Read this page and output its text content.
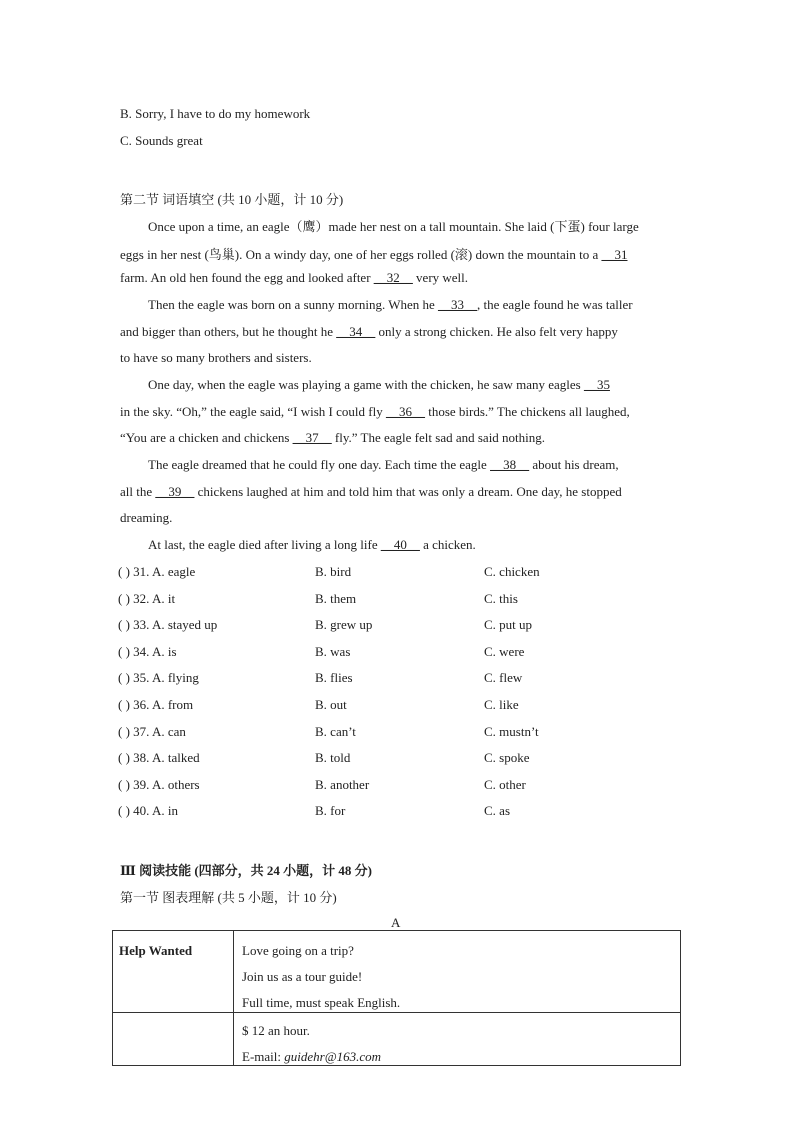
B. Sorry, I have to do my homework
C. Sounds great
第二节 词语填空 (共 10 小题，计 10 分)
Once upon a time, an eagle（鹰）made her nest on a tall mountain. She laid (下蛋) four large
eggs in her nest (鸟巢). On a windy day, one of her eggs rolled (滚) down the mountain to a __31
farm. An old hen found the egg and looked after __32__ very well.
Then the eagle was born on a sunny morning. When he __33__, the eagle found he was taller
and bigger than others, but he thought he __34__ only a strong chicken. He also felt very happy
to have so many brothers and sisters.
One day, when the eagle was playing a game with the chicken, he saw many eagles __35
in the sky. “Oh,” the eagle said, “I wish I could fly __36__ those birds.” The chickens all laughed,
“You are a chicken and chickens __37__ fly.” The eagle felt sad and said nothing.
The eagle dreamed that he could fly one day. Each time the eagle __38__ about his dream,
all the __39__ chickens laughed at him and told him that was only a dream. One day, he stopped
dreaming.
At last, the eagle died after living a long life __40__ a chicken.
( ) 31. A. eagle	B. bird	C. chicken
( ) 32. A. it	B. them	C. this
( ) 33. A. stayed up	B. grew up	C. put up
( ) 34. A. is	B. was	C. were
( ) 35. A. flying	B. flies	C. flew
( ) 36. A. from	B. out	C. like
( ) 37. A. can	B. can’t	C. mustn’t
( ) 38. A. talked	B. told	C. spoke
( ) 39. A. others	B. another	C. other
( ) 40. A. in	B. for	C. as
Ⅲ 阅读技能 (四部分，共 24 小题，计 48 分)
第一节 图表理解 (共 5 小题，计 10 分)
A
Help Wanted	Love going on a trip?
Join us as a tour guide!
Full time, must speak English.

	$ 12 an hour.
E-mail: guidehr@163.com
